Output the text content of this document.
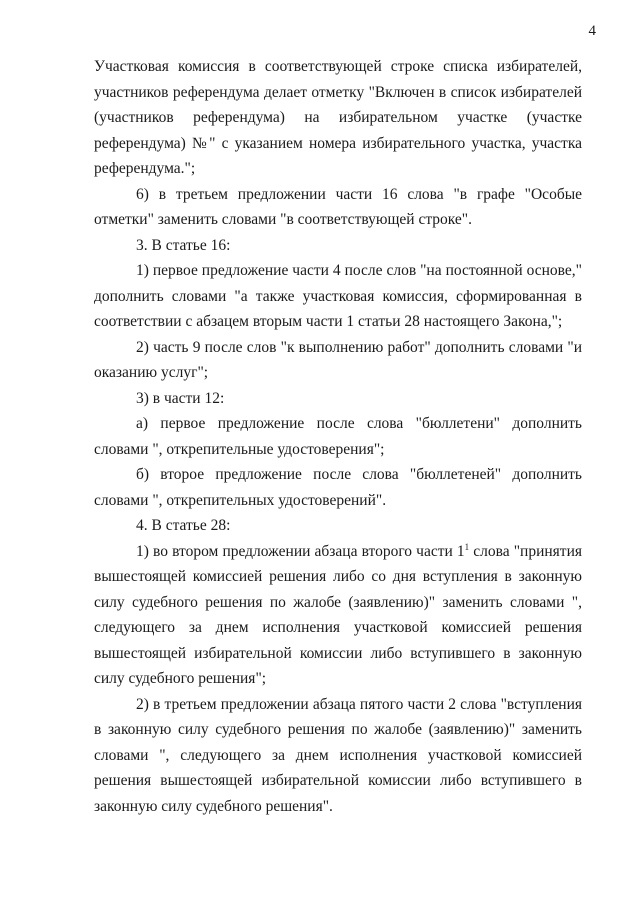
4

Участковая комиссия в соответствующей строке списка избирателей, участников референдума делает отметку "Включен в список избирателей (участников референдума) на избирательном участке (участке референдума) №" с указанием номера избирательного участка, участка референдума.";

6) в третьем предложении части 16 слова "в графе "Особые отметки" заменить словами "в соответствующей строке".

3. В статье 16:

1) первое предложение части 4 после слов "на постоянной основе," дополнить словами "а также участковая комиссия, сформированная в соответствии с абзацем вторым части 1 статьи 28 настоящего Закона,";

2) часть 9 после слов "к выполнению работ" дополнить словами "и оказанию услуг";

3) в части 12:

а) первое предложение после слова "бюллетени" дополнить словами ", открепительные удостоверения";

б) второе предложение после слова "бюллетеней" дополнить словами ", открепительных удостоверений".

4. В статье 28:

1) во втором предложении абзаца второго части $1^1$ слова "принятия вышестоящей комиссией решения либо со дня вступления в законную силу судебного решения по жалобе (заявлению)" заменить словами ", следующего за днем исполнения участковой комиссией решения вышестоящей избирательной комиссии либо вступившего в законную силу судебного решения";

2) в третьем предложении абзаца пятого части 2 слова "вступления в законную силу судебного решения по жалобе (заявлению)" заменить словами ", следующего за днем исполнения участковой комиссией решения вышестоящей избирательной комиссии либо вступившего в законную силу судебного решения".
